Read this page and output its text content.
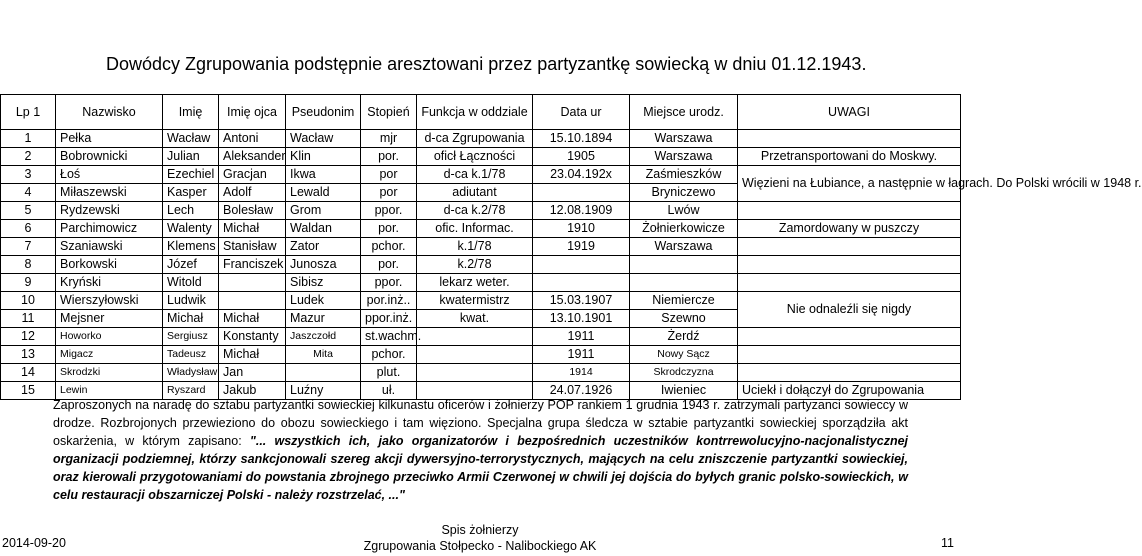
Dowódcy Zgrupowania podstępnie aresztowani przez partyzantkę sowiecką w dniu 01.12.1943.
Lp 1	Nazwisko	Imię	Imię ojca	Pseudonim	Stopień	Funkcja w oddziale	Data ur	Miejsce urodz.	UWAGI
1	Pełka	Wacław	Antoni	Wacław	mjr	d-ca Zgrupowania	15.10.1894	Warszawa	
2	Bobrownicki	Julian	Aleksander	Klin	por.	oficł Łączności	1905	Warszawa	Przetransportowani do Moskwy.
3	Łoś	Ezechiel	Gracjan	Ikwa	por	d-ca k.1/78	23.04.192x	Zaśmieszków	Więzieni na Łubiance, a następnie w łagrach. Do Polski wrócili w 1948 r.
4	Miłaszewski	Kasper	Adolf	Lewald	por	adiutant		Bryniczewo	
5	Rydzewski	Lech	Bolesław	Grom	ppor.	d-ca k.2/78	12.08.1909	Lwów	
6	Parchimowicz	Walenty	Michał	Waldan	por.	ofic. Informac.	1910	Żołnierkowicze	Zamordowany w puszczy
7	Szaniawski	Klemens	Stanisław	Zator	pchor.	k.1/78	1919	Warszawa	
8	Borkowski	Józef	Franciszek	Junosza	por.	k.2/78			
9	Kryński	Witold		Sibisz	ppor.	lekarz weter.			
10	Wierszyłowski	Ludwik		Ludek	por.inż..	kwatermistrz	15.03.1907	Niemiercze	Nie odnaleźli się nigdy
11	Mejsner	Michał	Michał	Mazur	ppor.inż.	kwat.	13.10.1901	Szewno	
12	Howorko	Sergiusz	Konstanty	Jaszczołd	st.wachm.		1911	Żerdź	
13	Migacz	Tadeusz	Michał	Mita	pchor.		1911	Nowy Sącz	
14	Skrodzki	Władysław	Jan		plut.		1914	Skrodczyzna	
15	Lewin	Ryszard	Jakub	Luźny	uł.		24.07.1926	Iwieniec	Uciekł i dołączył do Zgrupowania
Zaproszonych na naradę do sztabu partyzantki sowieckiej kilkunastu oficerów i żołnierzy POP rankiem 1 grudnia 1943 r. zatrzymali partyzanci sowieccy w drodze. Rozbrojonych przewieziono do obozu sowieckiego i tam więziono. Specjalna grupa śledcza w sztabie partyzantki sowieckiej sporządziła akt oskarżenia, w którym zapisano: "... wszystkich ich, jako organizatorów i bezpośrednich uczestników kontrrewolucyjno-nacjonalistycznej organizacji podziemnej, którzy sankcjonowali szereg akcji dywersyjno-terrorystycznych, mających na celu zniszczenie partyzantki sowieckiej, oraz kierowali przygotowaniami do powstania zbrojnego przeciwko Armii Czerwonej w chwili jej dojścia do byłych granic polsko-sowieckich, w celu restauracji obszarniczej Polski - należy rozstrzelać, ..."
2014-09-20
Spis żołnierzy
Zgrupowania Stołpecko - Nalibockiego AK	11
